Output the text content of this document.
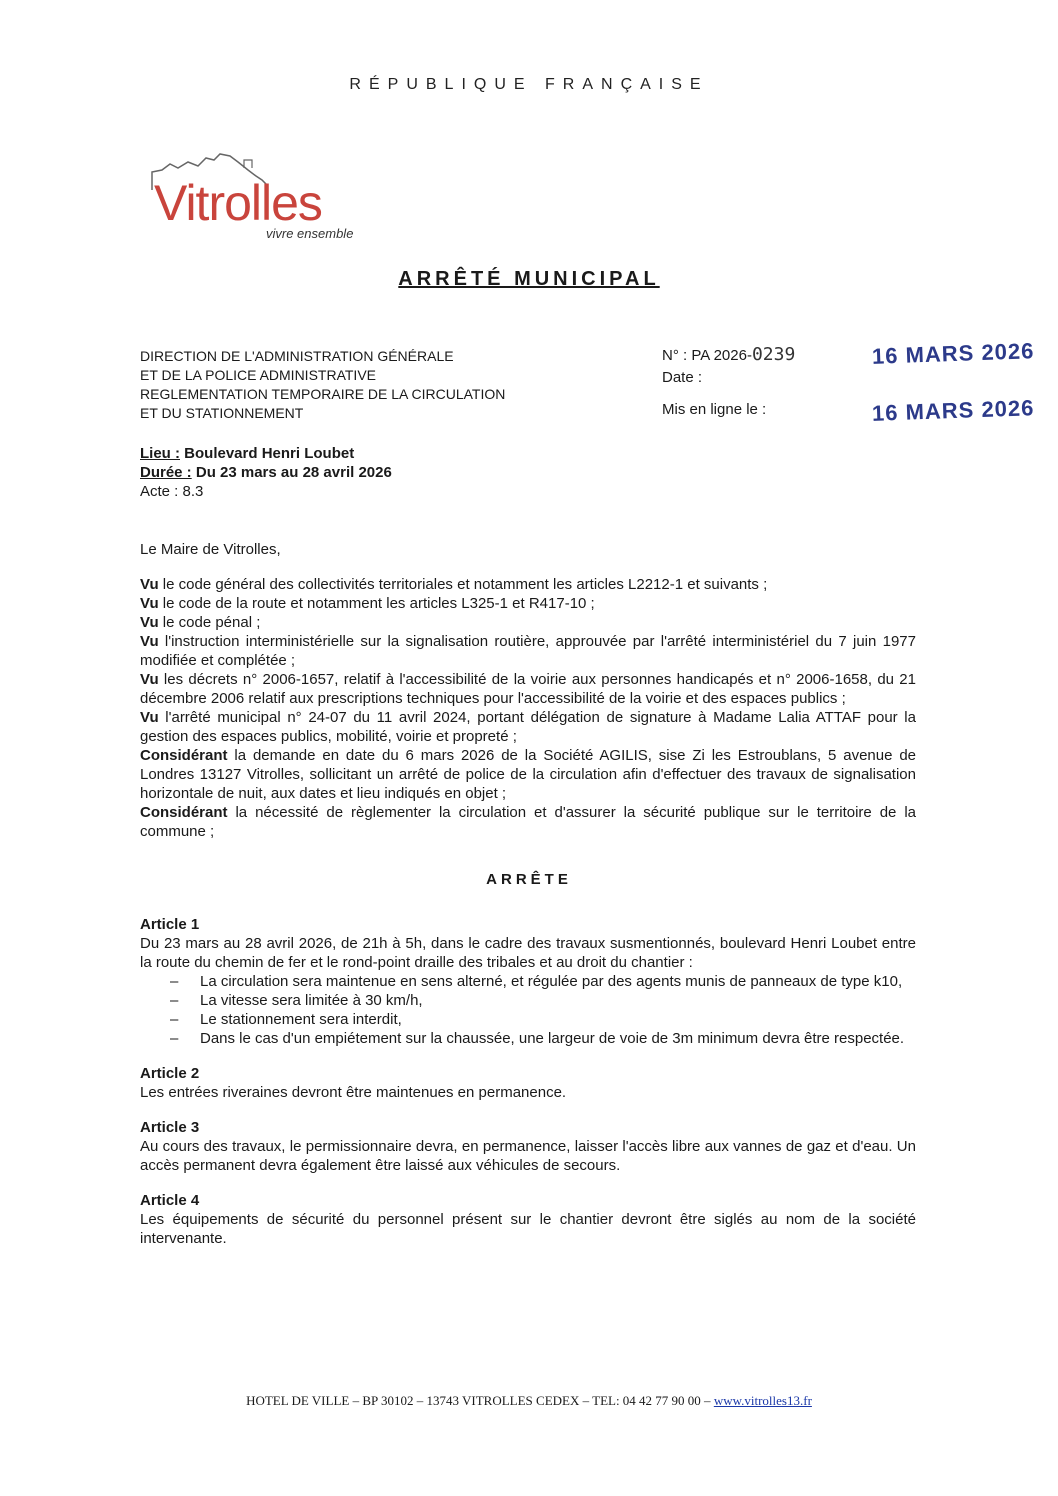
RÉPUBLIQUE FRANÇAISE
Vitrolles
vivre ensemble
ARRÊTÉ MUNICIPAL
DIRECTION DE L'ADMINISTRATION GÉNÉRALE
ET DE LA POLICE ADMINISTRATIVE
REGLEMENTATION TEMPORAIRE DE LA CIRCULATION
ET DU STATIONNEMENT
N° : PA 2026-0239
Date :
16 MARS 2026
Mis en ligne le :	16 MARS 2026
Lieu : Boulevard Henri Loubet
Durée : Du 23 mars au 28 avril 2026
Acte : 8.3

Le Maire de Vitrolles,

Vu le code général des collectivités territoriales et notamment les articles L2212-1 et suivants ;

Vu le code de la route et notamment les articles L325-1 et R417-10 ;

Vu le code pénal ;

Vu l'instruction interministérielle sur la signalisation routière, approuvée par l'arrêté interministériel du 7 juin 1977 modifiée et complétée ;

Vu les décrets n° 2006-1657, relatif à l'accessibilité de la voirie aux personnes handicapés et n° 2006-1658, du 21 décembre 2006 relatif aux prescriptions techniques pour l'accessibilité de la voirie et des espaces publics ;

Vu l'arrêté municipal n° 24-07 du 11 avril 2024, portant délégation de signature à Madame Lalia ATTAF pour la gestion des espaces publics, mobilité, voirie et propreté ;

Considérant la demande en date du 6 mars 2026 de la Société AGILIS, sise Zi les Estroublans, 5 avenue de Londres 13127 Vitrolles, sollicitant un arrêté de police de la circulation afin d'effectuer des travaux de signalisation horizontale de nuit, aux dates et lieu indiqués en objet ;

Considérant la nécessité de règlementer la circulation et d'assurer la sécurité publique sur le territoire de la commune ;

ARRÊTE

Article 1

Du 23 mars au 28 avril 2026, de 21h à 5h, dans le cadre des travaux susmentionnés, boulevard Henri Loubet entre la route du chemin de fer et le rond-point draille des tribales et au droit du chantier :

– La circulation sera maintenue en sens alterné, et régulée par des agents munis de panneaux de type k10,
– La vitesse sera limitée à 30 km/h,
– Le stationnement sera interdit,
– Dans le cas d'un empiétement sur la chaussée, une largeur de voie de 3m minimum devra être respectée.

Article 2

Les entrées riveraines devront être maintenues en permanence.

Article 3

Au cours des travaux, le permissionnaire devra, en permanence, laisser l'accès libre aux vannes de gaz et d'eau. Un accès permanent devra également être laissé aux véhicules de secours.

Article 4

Les équipements de sécurité du personnel présent sur le chantier devront être siglés au nom de la société intervenante.

HOTEL DE VILLE – BP 30102 – 13743 VITROLLES CEDEX – TEL: 04 42 77 90 00 – www.vitrolles13.fr
